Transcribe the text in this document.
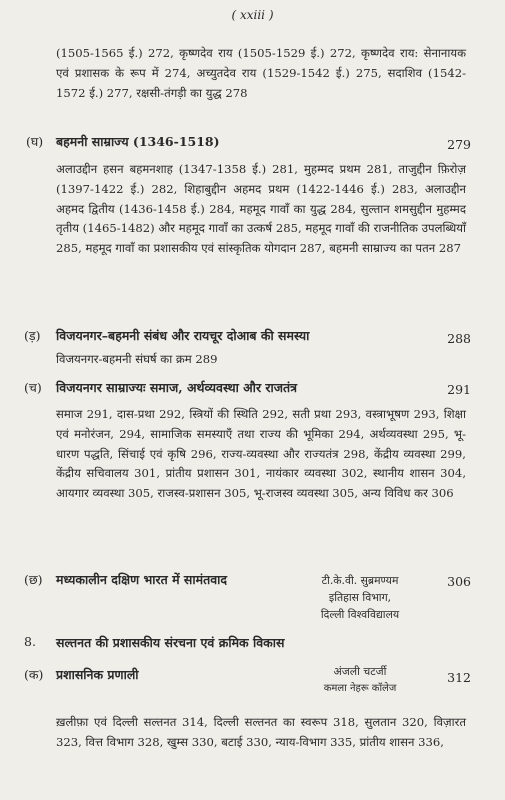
( xxiii )
(1505-1565 ई.) 272, कृष्णदेव राय (1505-1529 ई.) 272, कृष्णदेव राय: सेनानायक एवं प्रशासक के रूप में 274, अच्युतदेव राय (1529-1542 ई.) 275, सदाशिव (1542-1572 ई.) 277, रक्षसी-तंगड़ी का युद्ध 278
(घ) बहमनी साम्राज्य (1346-1518)	279
अलाउद्दीन हसन बहमनशाह (1347-1358 ई.) 281, मुहम्मद प्रथम 281, ताजुद्दीन फ़िरोज़ (1397-1422 ई.) 282, शिहाबुद्दीन अहमद प्रथम (1422-1446 ई.) 283, अलाउद्दीन अहमद द्वितीय (1436-1458 ई.) 284, महमूद गावाँ का युद्ध 284, सुल्तान शमसुद्दीन मुहम्मद तृतीय (1465-1482) और महमूद गावाँ का उत्कर्ष 285, महमूद गावाँ की राजनीतिक उपलब्धियाँ 285, महमूद गावाँ का प्रशासकीय एवं सांस्कृतिक योगदान 287, बहमनी साम्राज्य का पतन 287
(ड़) विजयनगर–बहमनी संबंध और रायचूर दोआब की समस्या	288
विजयनगर-बहमनी संघर्ष का क्रम 289
(च) विजयनगर साम्राज्यः समाज, अर्थव्यवस्था और राजतंत्र	291
समाज 291, दास-प्रथा 292, स्त्रियों की स्थिति 292, सती प्रथा 293, वस्त्राभूषण 293, शिक्षा एवं मनोरंजन, 294, सामाजिक समस्याएँ तथा राज्य की भूमिका 294, अर्थव्यवस्था 295, भू-धारण पद्धति, सिंचाई एवं कृषि 296, राज्य-व्यवस्था और राज्यतंत्र 298, केंद्रीय व्यवस्था 299, केंद्रीय सचिवालय 301, प्रांतीय प्रशासन 301, नायंकार व्यवस्था 302, स्थानीय शासन 304, आयगार व्यवस्था 305, राजस्व-प्रशासन 305, भू-राजस्व व्यवस्था 305, अन्य विविध कर 306
(छ) मध्यकालीन दक्षिण भारत में सामंतवाद	306
टी.के.वी. सुब्रमण्यम
इतिहास विभाग,
दिल्ली विश्वविद्यालय
8. सल्तनत की प्रशासकीय संरचना एवं क्रमिक विकास
(क) प्रशासनिक प्रणाली	312
अंजली चटर्जी
कमला नेहरू कॉलेज
ख़लीफ़ा एवं दिल्ली सल्तनत 314, दिल्ली सल्तनत का स्वरूप 318, सुलतान 320, विज़ारत 323, वित्त विभाग 328, खुम्स 330, बटाई 330, न्याय-विभाग 335, प्रांतीय शासन 336,
